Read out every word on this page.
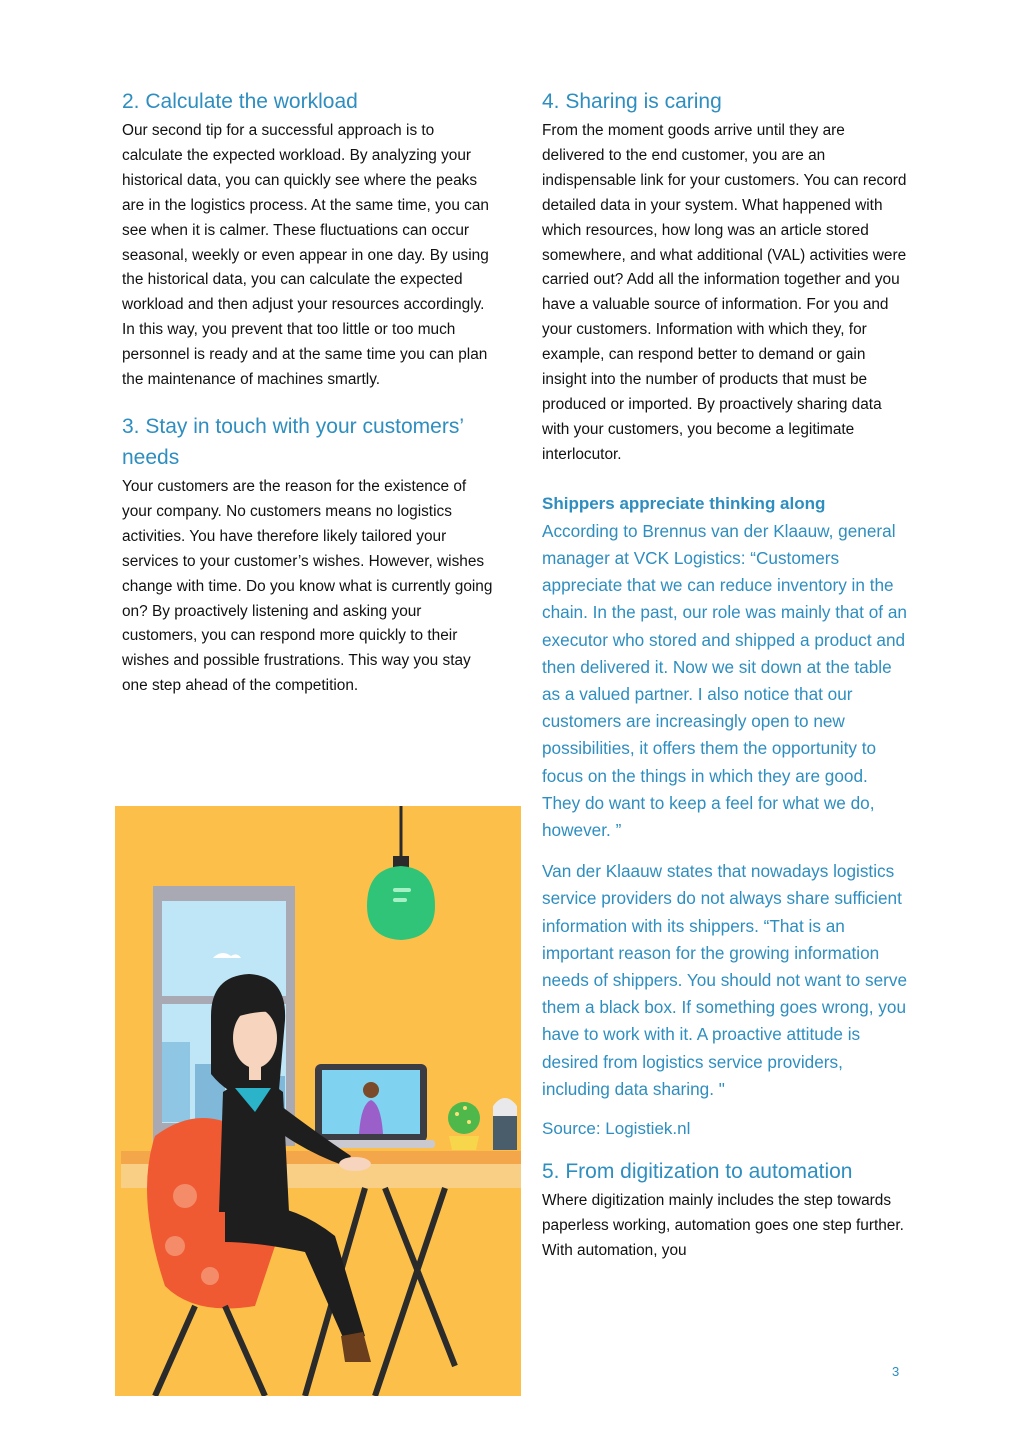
2. Calculate the workload

Our second tip for a successful approach is to calculate the expected workload. By analyzing your historical data, you can quickly see where the peaks are in the logistics process. At the same time, you can see when it is calmer. These fluctuations can occur seasonal, weekly or even appear in one day. By using the historical data, you can calculate the expected workload and then adjust your resources accordingly. In this way, you prevent that too little or too much personnel is ready and at the same time you can plan the maintenance of machines smartly.

3. Stay in touch with your customers’ needs

Your customers are the reason for the existence of your company. No customers means no logistics activities. You have therefore likely tailored your services to your customer’s wishes. However, wishes change with time. Do you know what is currently going on? By proactively listening and asking your customers, you can respond more quickly to their wishes and possible frustrations. This way you stay one step ahead of the competition.

4. Sharing is caring

From the moment goods arrive until they are delivered to the end customer, you are an indispensable link for your customers. You can record detailed data in your system. What happened with which resources, how long was an article stored somewhere, and what additional (VAL) activities were carried out? Add all the information together and you have a valuable source of information. For you and your customers. Information with which they, for example, can respond better to demand or gain insight into the number of products that must be produced or imported. By proactively sharing data with your customers, you become a legitimate interlocutor.

Shippers appreciate thinking along

According to Brennus van der Klaauw, general manager at VCK Logistics: “Customers appreciate that we can reduce inventory in the chain. In the past, our role was mainly that of an executor who stored and shipped a product and then delivered it. Now we sit down at the table as a valued partner. I also notice that our customers are increasingly open to new possibilities, it offers them the opportunity to focus on the things in which they are good. They do want to keep a feel for what we do, however. ”

Van der Klaauw states that nowadays logistics service providers do not always share sufficient information with its shippers. “That is an important reason for the growing information needs of shippers. You should not want to serve them a black box. If something goes wrong, you have to work with it. A proactive attitude is desired from logistics service providers, including data sharing. "

Source: Logistiek.nl

5. From digitization to automation

Where digitization mainly includes the step towards paperless working, automation goes one step further. With automation, you

3
